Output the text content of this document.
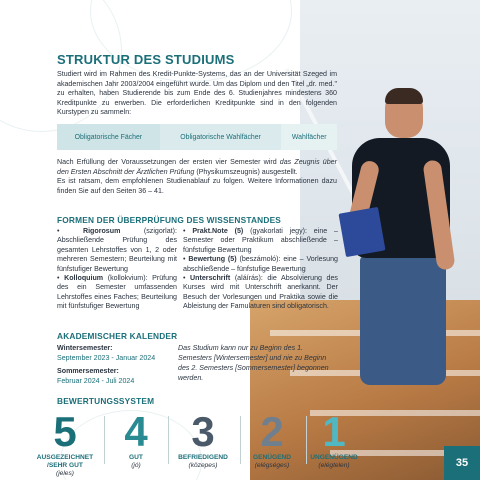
STRUKTUR DES STUDIUMS
Studiert wird im Rahmen des Kredit-Punkte-Systems, das an der Universität Szeged im akademischen Jahr 2003/2004 eingeführt wurde. Um das Diplom und den Titel „dr. med." zu erhalten, haben Studierende bis zum Ende des 6. Studienjahres mindestens 360 Kreditpunkte zu erwerben. Die erforderlichen Kreditpunkte sind in den folgenden Kurstypen zu sammeln:
Obligatorische Fächer	Obligatorische Wahlfächer	Wahlfächer
Nach Erfüllung der Voraussetzungen der ersten vier Semester wird das Zeugnis über den Ersten Abschnitt der Ärztlichen Prüfung (Physikumszeugnis) ausgestellt.
Es ist ratsam, dem empfohlenen Studienablauf zu folgen. Weitere Informationen dazu finden Sie auf den Seiten 36 – 41.
FORMEN DER ÜBERPRÜFUNG DES WISSENSTANDES

• Rigorosum (szigorlat): Abschließende Prüfung des gesamten Lehrstoffes von 1, 2 oder mehreren Semestern; Beurteilung mit fünfstufiger Bewertung

• Kolloquium (kollokvium): Prüfung des ein Semester umfassenden Lehrstoffes eines Faches; Beurteilung mit fünfstufiger Bewertung

• Prakt.Note (5) (gyakorlati jegy): eine – Semester oder Praktikum abschließende – fünfstufige Bewertung

• Bewertung (5) (beszámoló): eine – Vorlesung abschließende – fünfstufige Bewertung

• Unterschrift (aláírás): die Absolvierung des Kurses wird mit Unterschrift anerkannt. Der Besuch der Vorlesungen und Praktika sowie die Ableistung der Famulaturen sind obligatorisch.

AKADEMISCHER KALENDER
Wintersemester:
September 2023 - Januar 2024
Sommersemester:
Februar 2024 - Juli 2024
Das Studium kann nur zu Beginn des 1. Semesters [Wintersemester] und nie zu Beginn des 2. Semesters [Sommersemester] begonnen werden.
BEWERTUNGSSYSTEM
5
AUSGEZEICHNET /SEHR GUT
(jeles)
4
GUT
(jó)
3
BEFRIEDIGEND
(közepes)
2
GENÜGEND
(elégséges)
1
UNGENÜGEND
(elégtelen)	35
